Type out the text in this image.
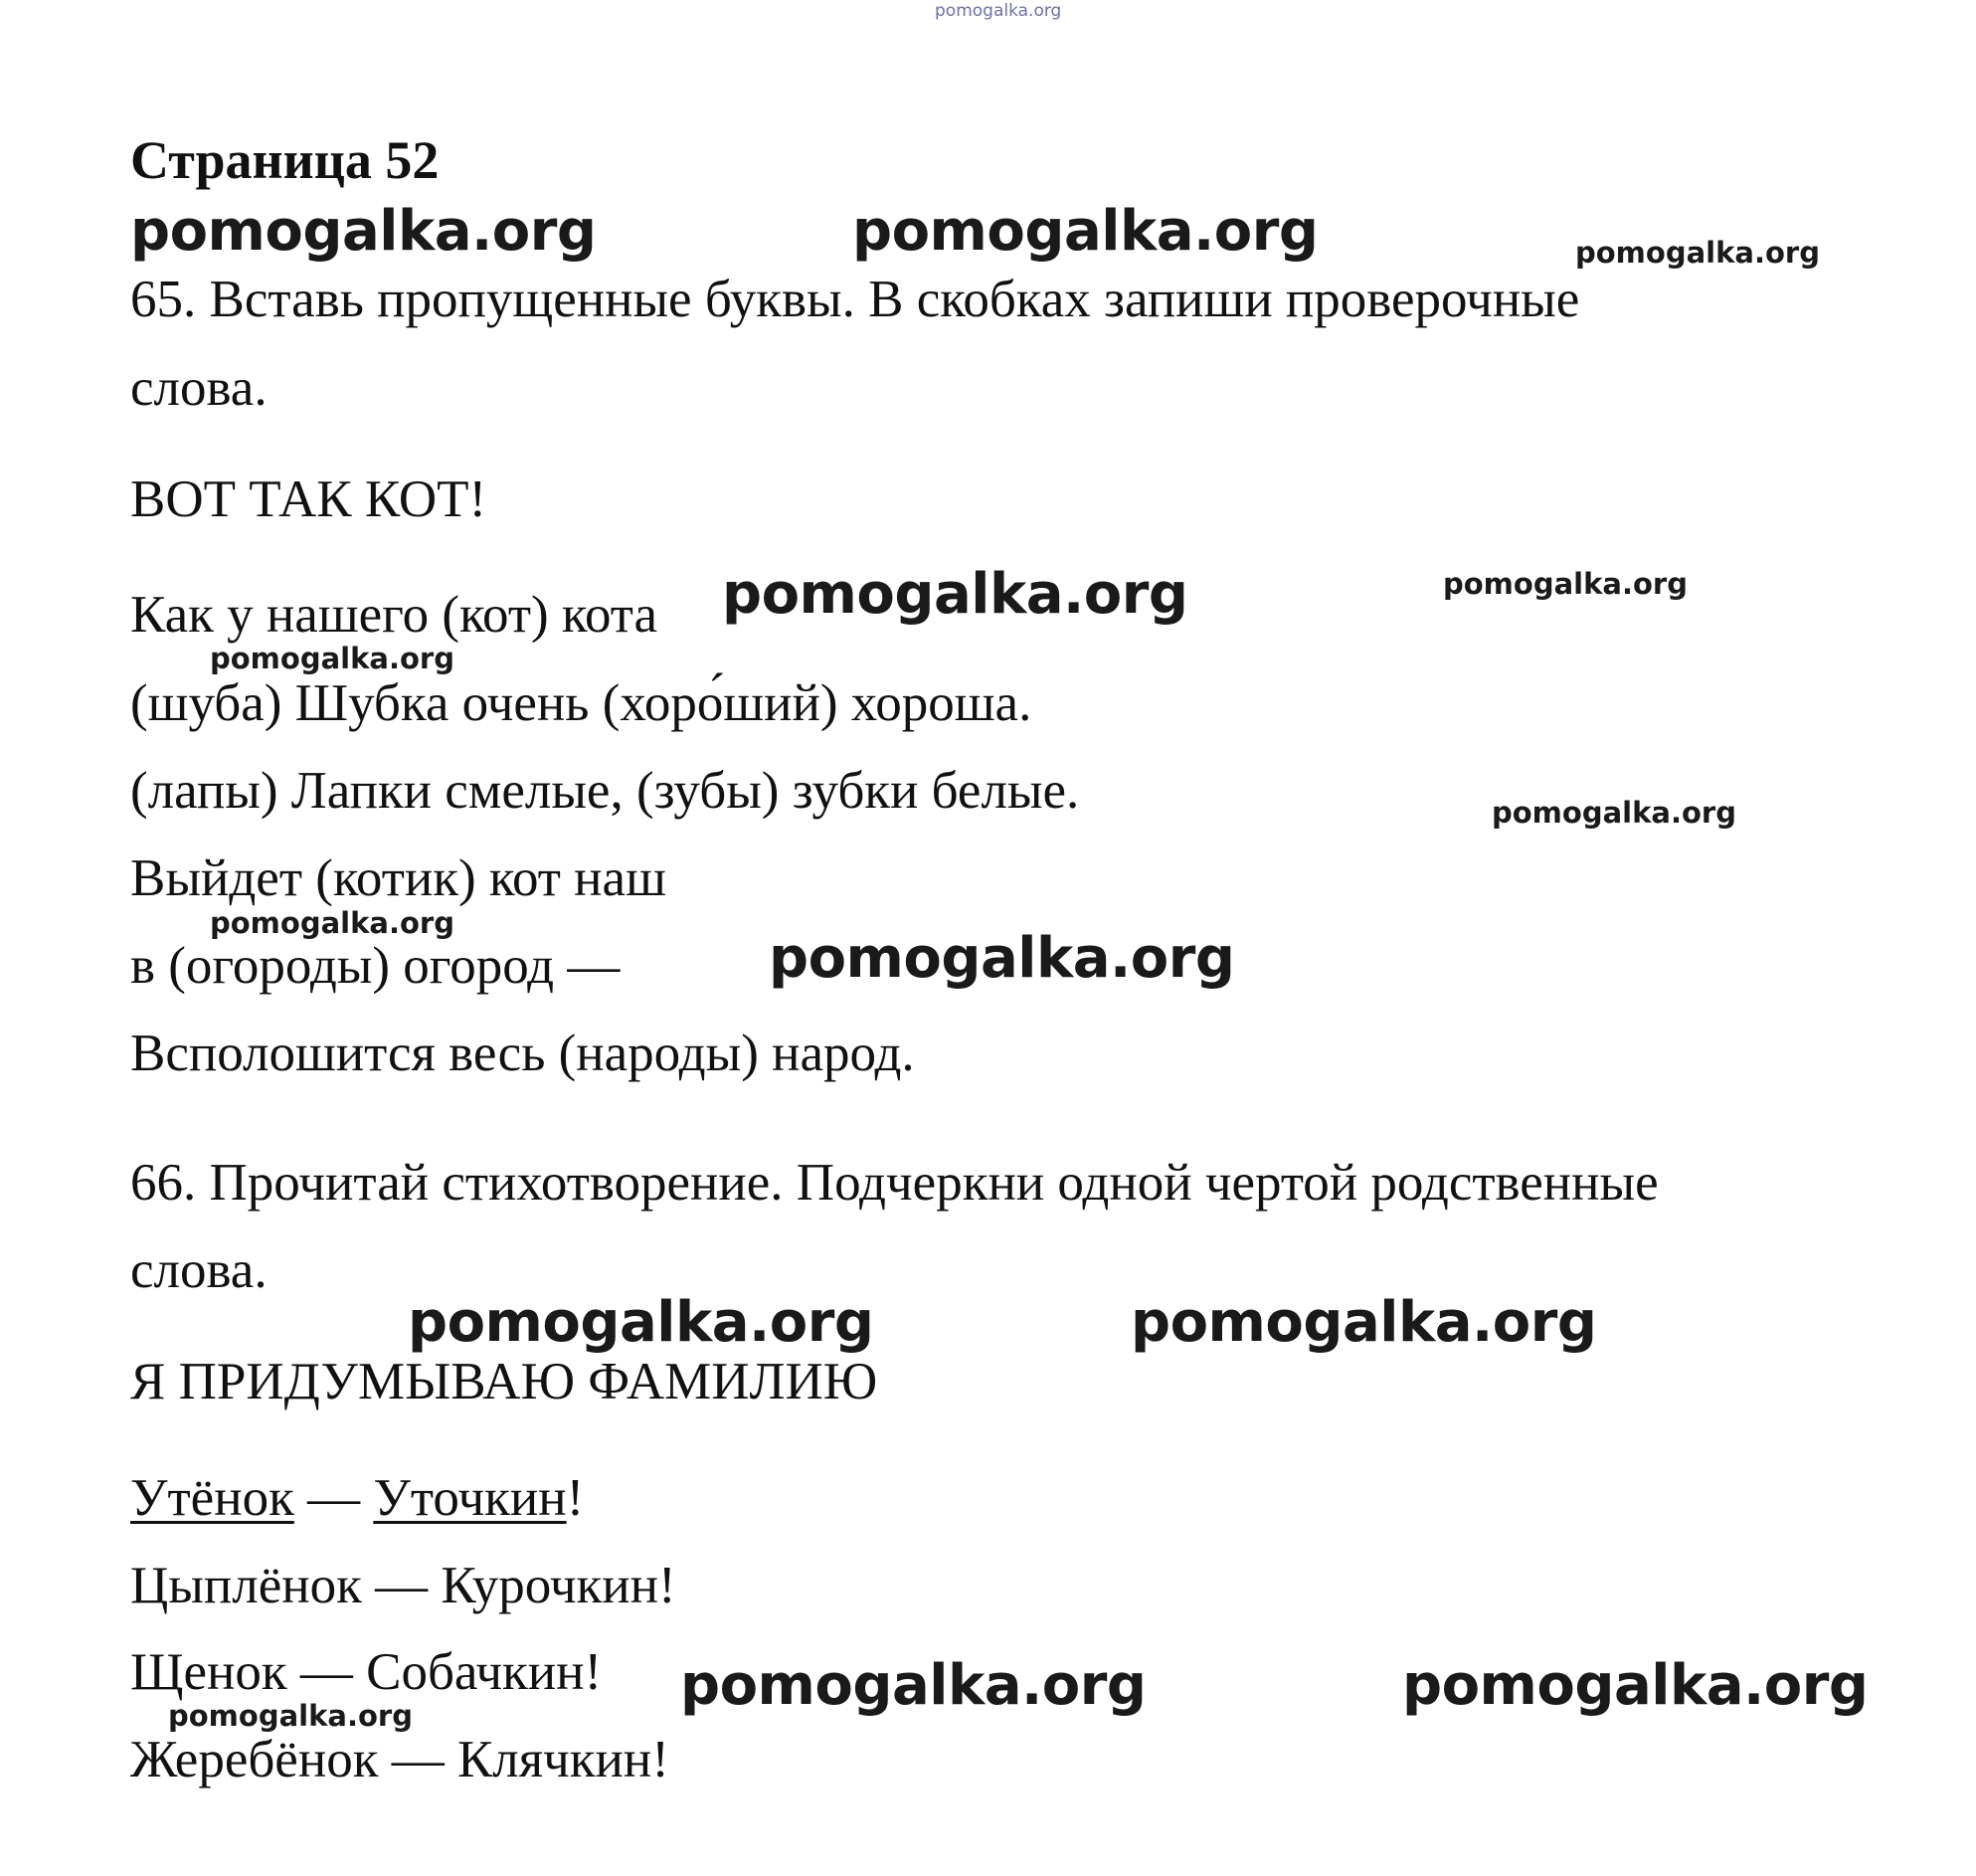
pomogalka.org
Страница 52
pomogalka.org	pomogalka.org	pomogalka.org
65. Вставь пропущенные буквы. В скобках запиши проверочные
слова.
ВОТ ТАК КОТ!
Как у нашего (кот) кота pomogalka.org	pomogalka.org
pomogalka.org
(шуба) Шубка очень (хоро́ший) хороша.
(лапы) Лапки смелые, (зубы) зубки белые.	pomogalka.org
Выйдет (котик) кот наш
pomogalka.org
в (огороды) огород —	pomogalka.org
Всполошится весь (народы) народ.
66. Прочитай стихотворение. Подчеркни одной чертой родственные
слова.
pomogalka.org	pomogalka.org
Я ПРИДУМЫВАЮ ФАМИЛИЮ
Утёнок — Уточкин!
Цыплёнок — Курочкин!
Щенок — Собачкин! pomogalka.org	pomogalka.org
pomogalka.org
Жеребёнок — Клячкин!
